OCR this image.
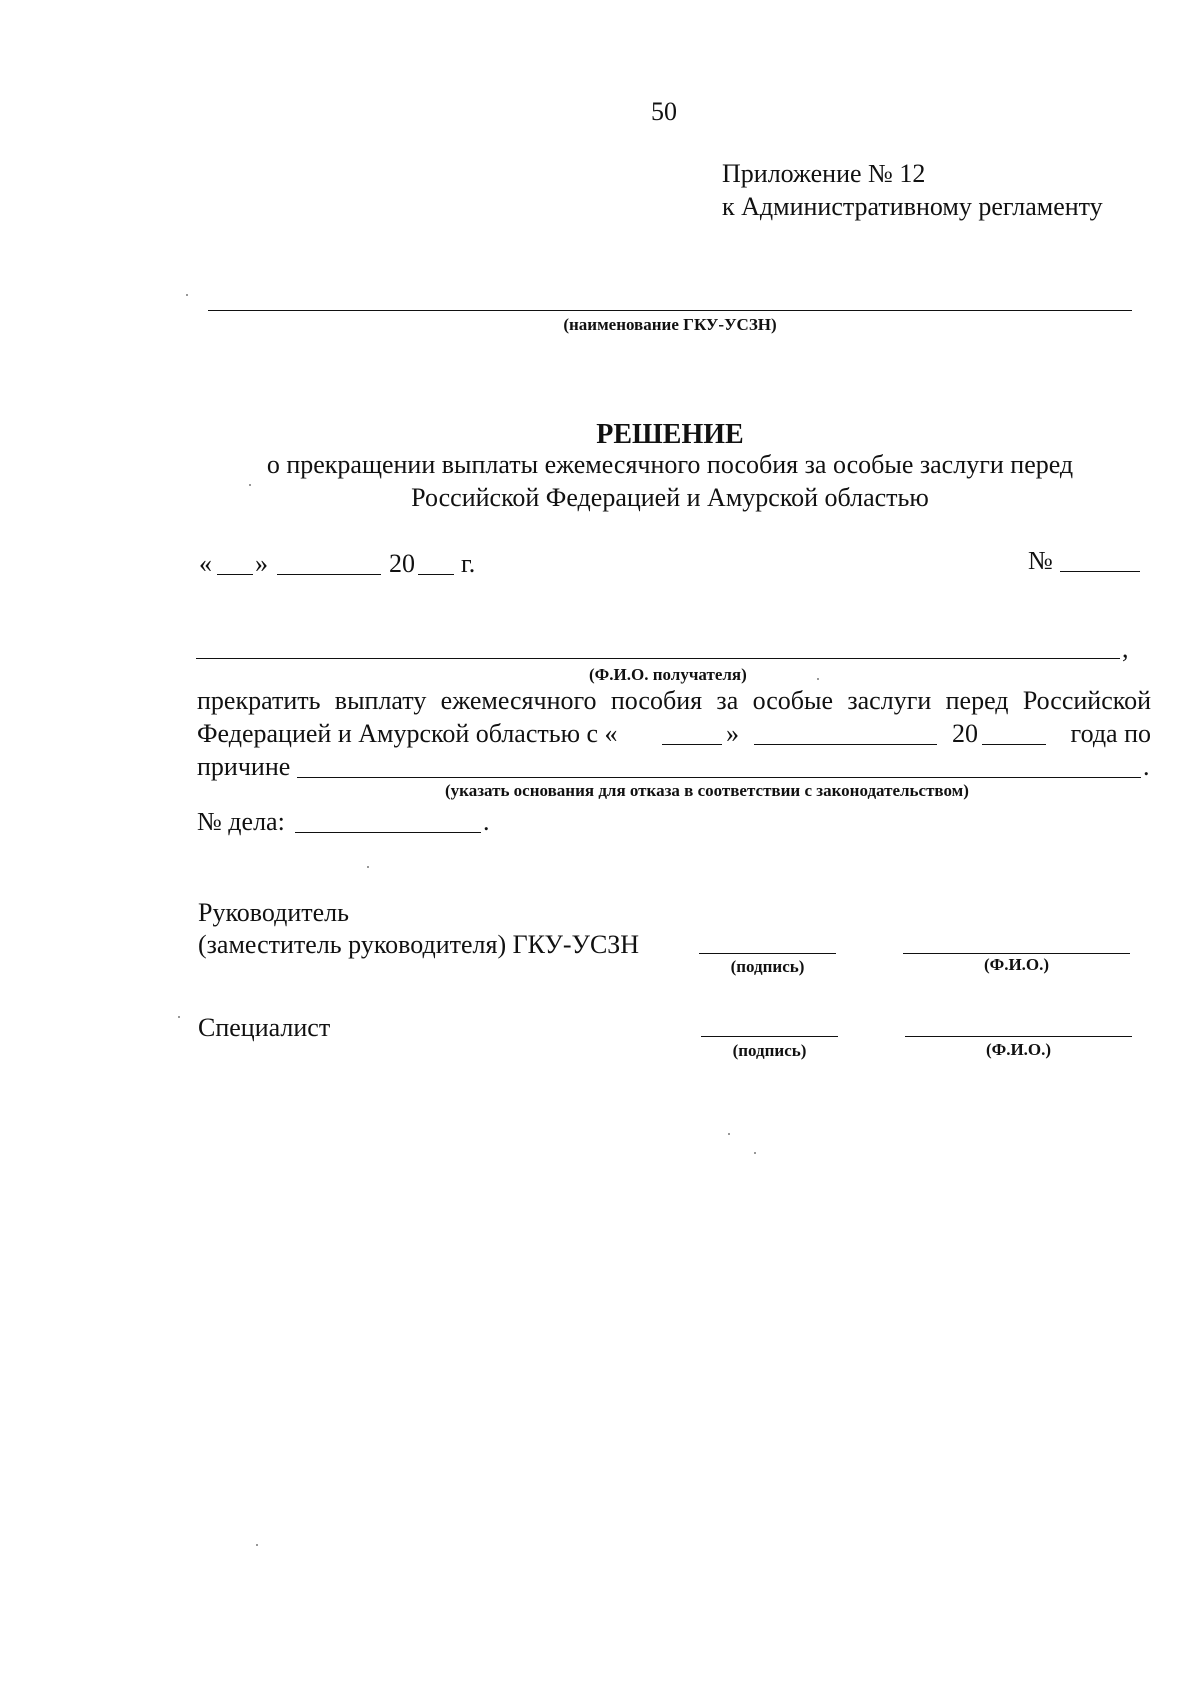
50
Приложение № 12
к Административному регламенту
(наименование ГКУ-УСЗН)
РЕШЕНИЕ
о прекращении выплаты ежемесячного пособия за особые заслуги перед
Российской Федерацией и Амурской областью
« »	20 г.	№
,
(Ф.И.О. получателя)
прекратить выплату ежемесячного пособия за особые заслуги перед Российской
Федерацией и Амурской областью с «	»	20	года по
причине	.
(указать основания для отказа в соответствии с законодательством)
№ дела:	.
Руководитель
(заместитель руководителя) ГКУ-УСЗН
(подпись)	(Ф.И.О.)
Специалист
(подпись)	(Ф.И.О.)
